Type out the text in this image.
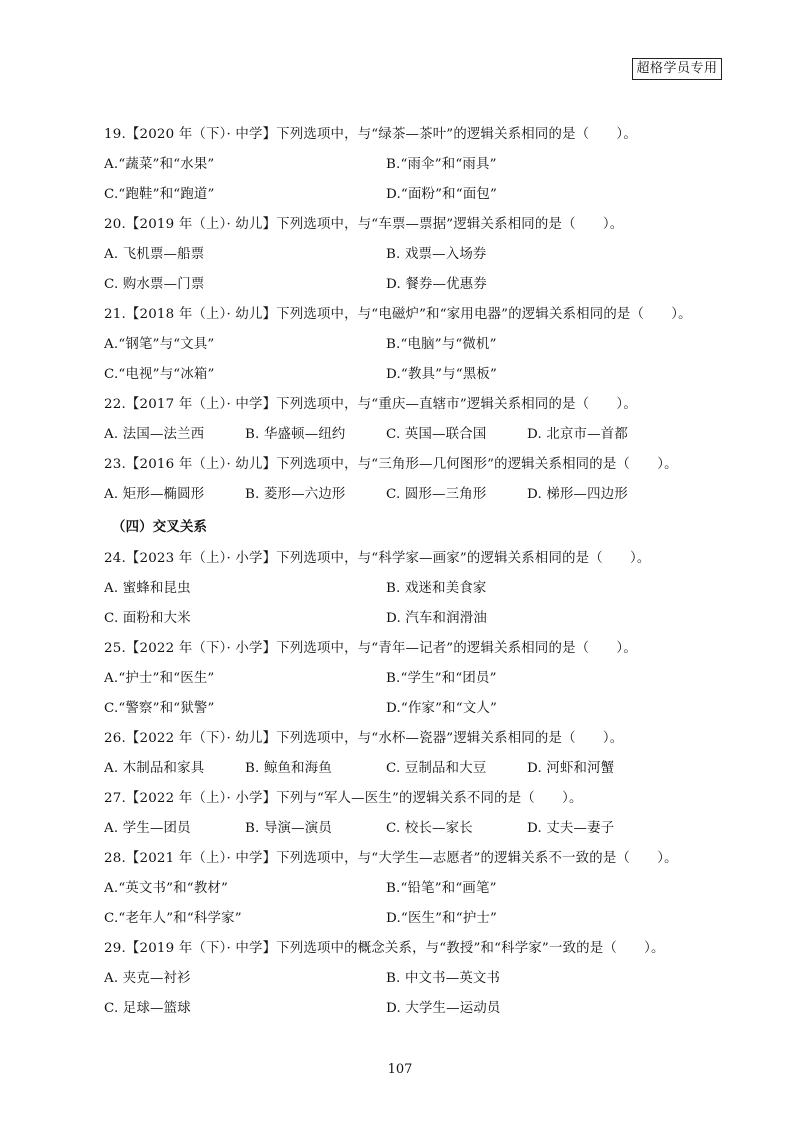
超格学员专用
19.【2020 年（下）· 中学】下列选项中，与“绿茶—茶叶”的逻辑关系相同的是（　　）。
A.“蔬菜”和“水果”	B.“雨伞”和“雨具”
C.“跑鞋”和“跑道”	D.“面粉”和“面包”
20.【2019 年（上）· 幼儿】下列选项中，与“车票—票据”逻辑关系相同的是（　　）。
A. 飞机票—船票	B. 戏票—入场券
C. 购水票—门票	D. 餐券—优惠券
21.【2018 年（上）· 幼儿】下列选项中，与“电磁炉”和“家用电器”的逻辑关系相同的是（　　）。
A.“钢笔”与“文具”	B.“电脑”与“微机”
C.“电视”与“冰箱”	D.“教具”与“黑板”
22.【2017 年（上）· 中学】下列选项中，与“重庆—直辖市”逻辑关系相同的是（　　）。
A. 法国—法兰西	B. 华盛顿—纽约	C. 英国—联合国	D. 北京市—首都
23.【2016 年（上）· 幼儿】下列选项中，与“三角形—几何图形”的逻辑关系相同的是（　　）。
A. 矩形—椭圆形	B. 菱形—六边形	C. 圆形—三角形	D. 梯形—四边形
（四）交叉关系
24.【2023 年（上）· 小学】下列选项中，与“科学家—画家”的逻辑关系相同的是（　　）。
A. 蜜蜂和昆虫	B. 戏迷和美食家
C. 面粉和大米	D. 汽车和润滑油
25.【2022 年（下）· 小学】下列选项中，与“青年—记者”的逻辑关系相同的是（　　）。
A.“护士”和“医生”	B.“学生”和“团员”
C.“警察”和“狱警”	D.“作家”和“文人”
26.【2022 年（下）· 幼儿】下列选项中，与“水杯—瓷器”逻辑关系相同的是（　　）。
A. 木制品和家具	B. 鲸鱼和海鱼	C. 豆制品和大豆	D. 河虾和河蟹
27.【2022 年（上）· 小学】下列与“军人—医生”的逻辑关系不同的是（　　）。
A. 学生—团员	B. 导演—演员	C. 校长—家长	D. 丈夫—妻子
28.【2021 年（上）· 中学】下列选项中，与“大学生—志愿者”的逻辑关系不一致的是（　　）。
A.“英文书”和“教材”	B.“铅笔”和“画笔”
C.“老年人”和“科学家”	D.“医生”和“护士”
29.【2019 年（下）· 中学】下列选项中的概念关系，与“教授”和“科学家”一致的是（　　）。
A. 夹克—衬衫	B. 中文书—英文书
C. 足球—篮球	D. 大学生—运动员
107
